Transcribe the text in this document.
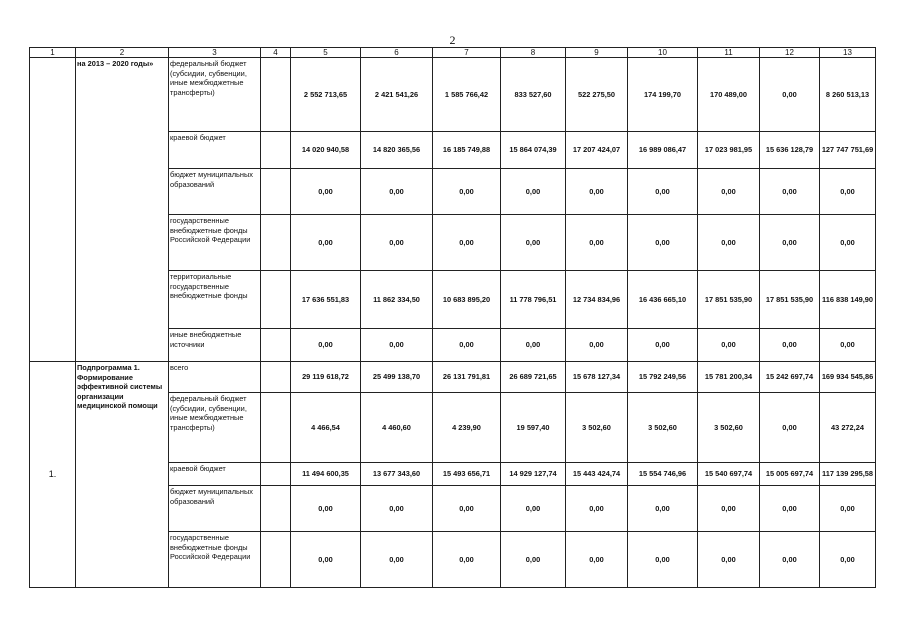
2
1	2	3	4	5	6	7	8	9	10	11	12	13
	на 2013 – 2020 годы»	федеральный бюджет (субсидии, субвенции, иные межбюджетные трансферты)		2 552 713,65	2 421 541,26	1 585 766,42	833 527,60	522 275,50	174 199,70	170 489,00	0,00	8 260 513,13
		краевой бюджет		14 020 940,58	14 820 365,56	16 185 749,88	15 864 074,39	17 207 424,07	16 989 086,47	17 023 981,95	15 636 128,79	127 747 751,69
		бюджет муниципальных образований		0,00	0,00	0,00	0,00	0,00	0,00	0,00	0,00	0,00
		государственные внебюджетные фонды Российской Федерации		0,00	0,00	0,00	0,00	0,00	0,00	0,00	0,00	0,00
		территориальные государственные внебюджетные фонды		17 636 551,83	11 862 334,50	10 683 895,20	11 778 796,51	12 734 834,96	16 436 665,10	17 851 535,90	17 851 535,90	116 838 149,90
		иные внебюджетные источники		0,00	0,00	0,00	0,00	0,00	0,00	0,00	0,00	0,00
1.	Подпрограмма 1. Формирование эффективной системы организации медицинской помощи	всего		29 119 618,72	25 499 138,70	26 131 791,81	26 689 721,65	15 678 127,34	15 792 249,56	15 781 200,34	15 242 697,74	169 934 545,86
		федеральный бюджет (субсидии, субвенции, иные межбюджетные трансферты)		4 466,54	4 460,60	4 239,90	19 597,40	3 502,60	3 502,60	3 502,60	0,00	43 272,24
		краевой бюджет		11 494 600,35	13 677 343,60	15 493 656,71	14 929 127,74	15 443 424,74	15 554 746,96	15 540 697,74	15 005 697,74	117 139 295,58
		бюджет муниципальных образований		0,00	0,00	0,00	0,00	0,00	0,00	0,00	0,00	0,00
		государственные внебюджетные фонды Российской Федерации		0,00	0,00	0,00	0,00	0,00	0,00	0,00	0,00	0,00
